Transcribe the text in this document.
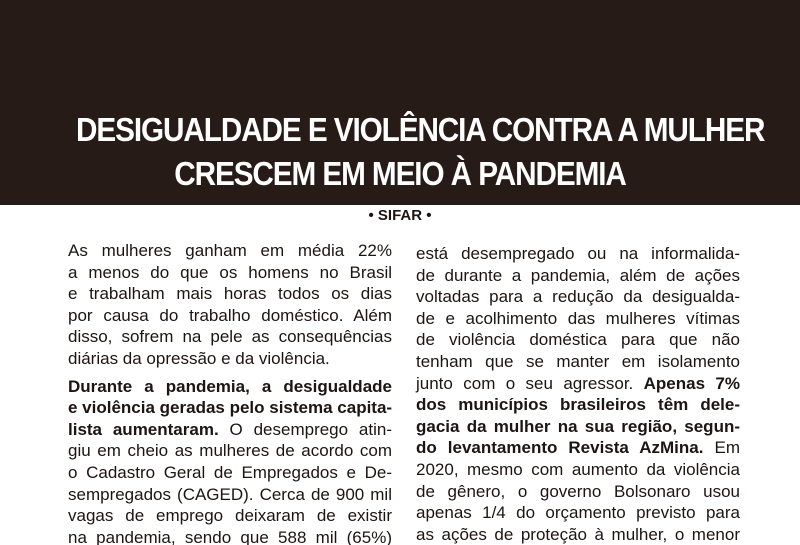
DESIGUALDADE E VIOLÊNCIA CONTRA A MULHER
CRESCEM EM MEIO À PANDEMIA
• SIFAR •
As mulheres ganham em média 22%
a menos do que os homens no Brasil
e trabalham mais horas todos os dias
por causa do trabalho doméstico. Além
disso, sofrem na pele as consequências
diárias da opressão e da violência.
Durante a pandemia, a desigualdade
e violência geradas pelo sistema capita-
lista aumentaram. O desemprego atin-
giu em cheio as mulheres de acordo com
o Cadastro Geral de Empregados e De-
sempregados (CAGED). Cerca de 900 mil
vagas de emprego deixaram de existir
na pandemia, sendo que 588 mil (65%)
está desempregado ou na informalida-
de durante a pandemia, além de ações
voltadas para a redução da desigualda-
de e acolhimento das mulheres vítimas
de violência doméstica para que não
tenham que se manter em isolamento
junto com o seu agressor. Apenas 7%
dos municípios brasileiros têm dele-
gacia da mulher na sua região, segun-
do levantamento Revista AzMina. Em
2020, mesmo com aumento da violência
de gênero, o governo Bolsonaro usou
apenas 1/4 do orçamento previsto para
as ações de proteção à mulher, o menor
